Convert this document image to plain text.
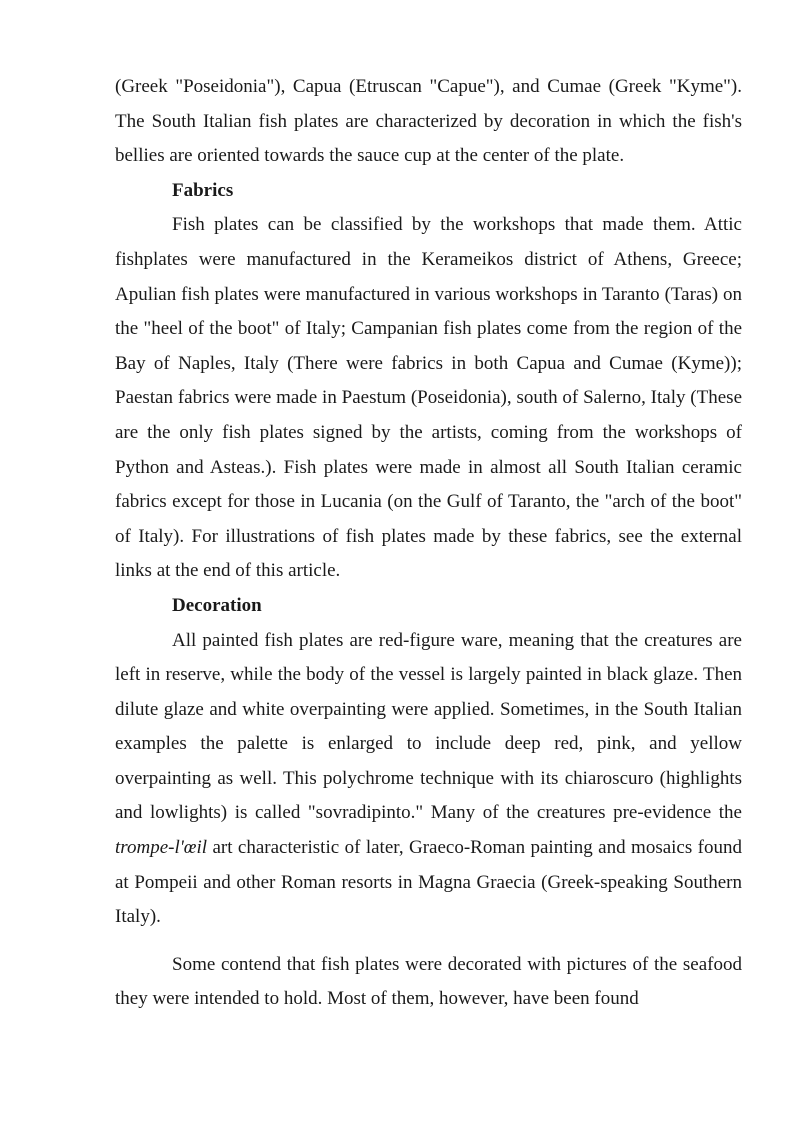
(Greek "Poseidonia"), Capua (Etruscan "Capue"), and Cumae (Greek "Kyme"). The South Italian fish plates are characterized by decoration in which the fish's bellies are oriented towards the sauce cup at the center of the plate.

Fabrics

Fish plates can be classified by the workshops that made them. Attic fishplates were manufactured in the Kerameikos district of Athens, Greece; Apulian fish plates were manufactured in various workshops in Taranto (Taras) on the "heel of the boot" of Italy; Campanian fish plates come from the region of the Bay of Naples, Italy (There were fabrics in both Capua and Cumae (Kyme)); Paestan fabrics were made in Paestum (Poseidonia), south of Salerno, Italy (These are the only fish plates signed by the artists, coming from the workshops of Python and Asteas.). Fish plates were made in almost all South Italian ceramic fabrics except for those in Lucania (on the Gulf of Taranto, the "arch of the boot" of Italy). For illustrations of fish plates made by these fabrics, see the external links at the end of this article.

Decoration

All painted fish plates are red-figure ware, meaning that the creatures are left in reserve, while the body of the vessel is largely painted in black glaze. Then dilute glaze and white overpainting were applied. Sometimes, in the South Italian examples the palette is enlarged to include deep red, pink, and yellow overpainting as well. This polychrome technique with its chiaroscuro (highlights and lowlights) is called "sovradipinto." Many of the creatures pre-evidence the trompe-l'œil art characteristic of later, Graeco-Roman painting and mosaics found at Pompeii and other Roman resorts in Magna Graecia (Greek-speaking Southern Italy).

Some contend that fish plates were decorated with pictures of the seafood they were intended to hold. Most of them, however, have been found
